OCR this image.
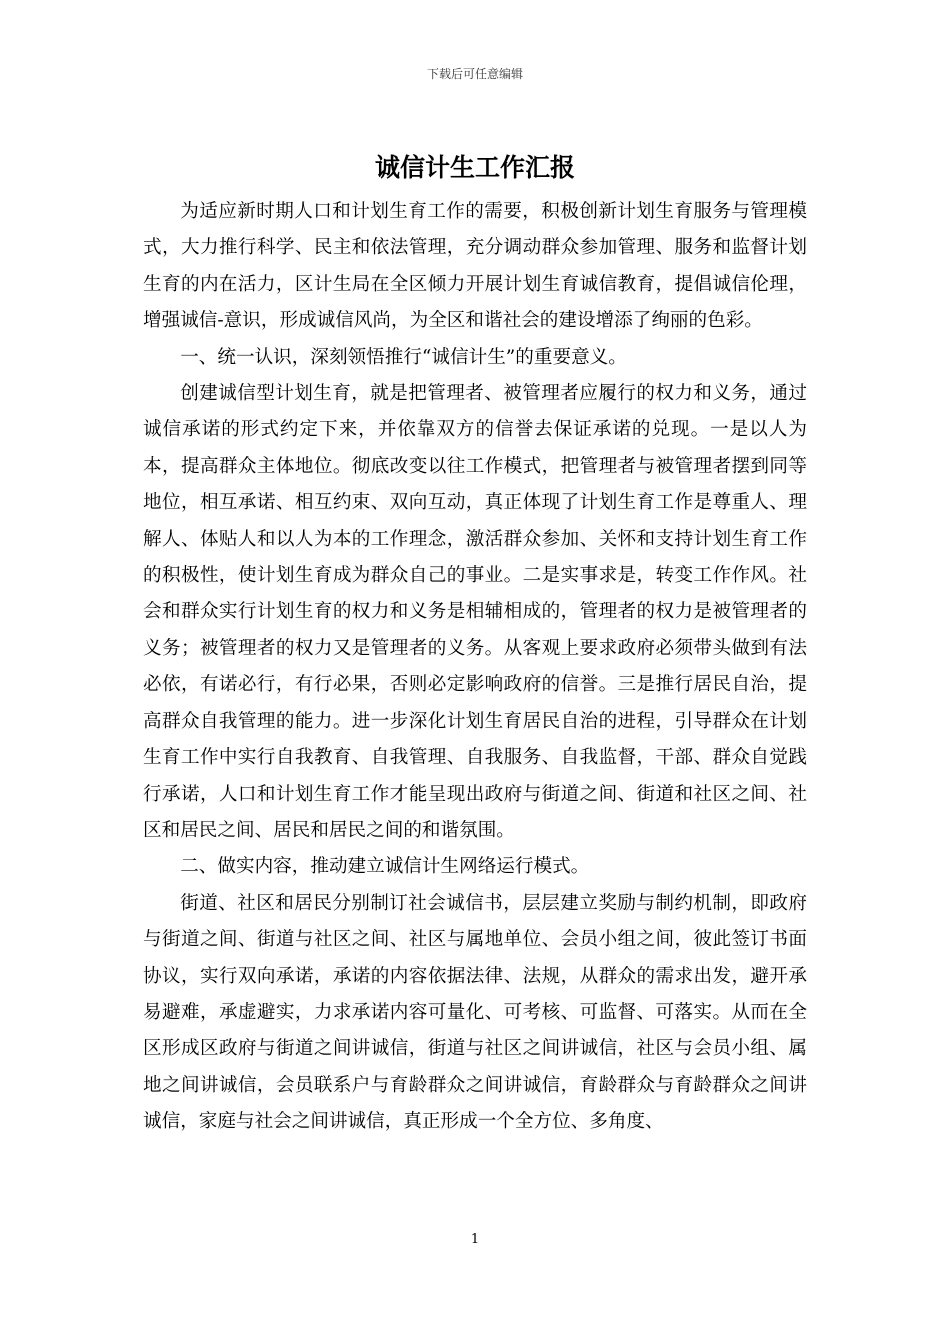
下载后可任意编辑
诚信计生工作汇报

为适应新时期人口和计划生育工作的需要，积极创新计划生育服务与管理模式，大力推行科学、民主和依法管理，充分调动群众参加管理、服务和监督计划生育的内在活力，区计生局在全区倾力开展计划生育诚信教育，提倡诚信伦理，增强诚信-意识，形成诚信风尚，为全区和谐社会的建设增添了绚丽的色彩。

一、统一认识，深刻领悟推行“诚信计生”的重要意义。

创建诚信型计划生育，就是把管理者、被管理者应履行的权力和义务，通过诚信承诺的形式约定下来，并依靠双方的信誉去保证承诺的兑现。一是以人为本，提高群众主体地位。彻底改变以往工作模式，把管理者与被管理者摆到同等地位，相互承诺、相互约束、双向互动，真正体现了计划生育工作是尊重人、理解人、体贴人和以人为本的工作理念，激活群众参加、关怀和支持计划生育工作的积极性，使计划生育成为群众自己的事业。二是实事求是，转变工作作风。社会和群众实行计划生育的权力和义务是相辅相成的，管理者的权力是被管理者的义务；被管理者的权力又是管理者的义务。从客观上要求政府必须带头做到有法必依，有诺必行，有行必果，否则必定影响政府的信誉。三是推行居民自治，提高群众自我管理的能力。进一步深化计划生育居民自治的进程，引导群众在计划生育工作中实行自我教育、自我管理、自我服务、自我监督，干部、群众自觉践行承诺，人口和计划生育工作才能呈现出政府与街道之间、街道和社区之间、社区和居民之间、居民和居民之间的和谐氛围。

二、做实内容，推动建立诚信计生网络运行模式。

街道、社区和居民分别制订社会诚信书，层层建立奖励与制约机制，即政府与街道之间、街道与社区之间、社区与属地单位、会员小组之间，彼此签订书面协议，实行双向承诺，承诺的内容依据法律、法规，从群众的需求出发，避开承易避难，承虚避实，力求承诺内容可量化、可考核、可监督、可落实。从而在全区形成区政府与街道之间讲诚信，街道与社区之间讲诚信，社区与会员小组、属地之间讲诚信，会员联系户与育龄群众之间讲诚信，育龄群众与育龄群众之间讲诚信，家庭与社会之间讲诚信，真正形成一个全方位、多角度、

1
